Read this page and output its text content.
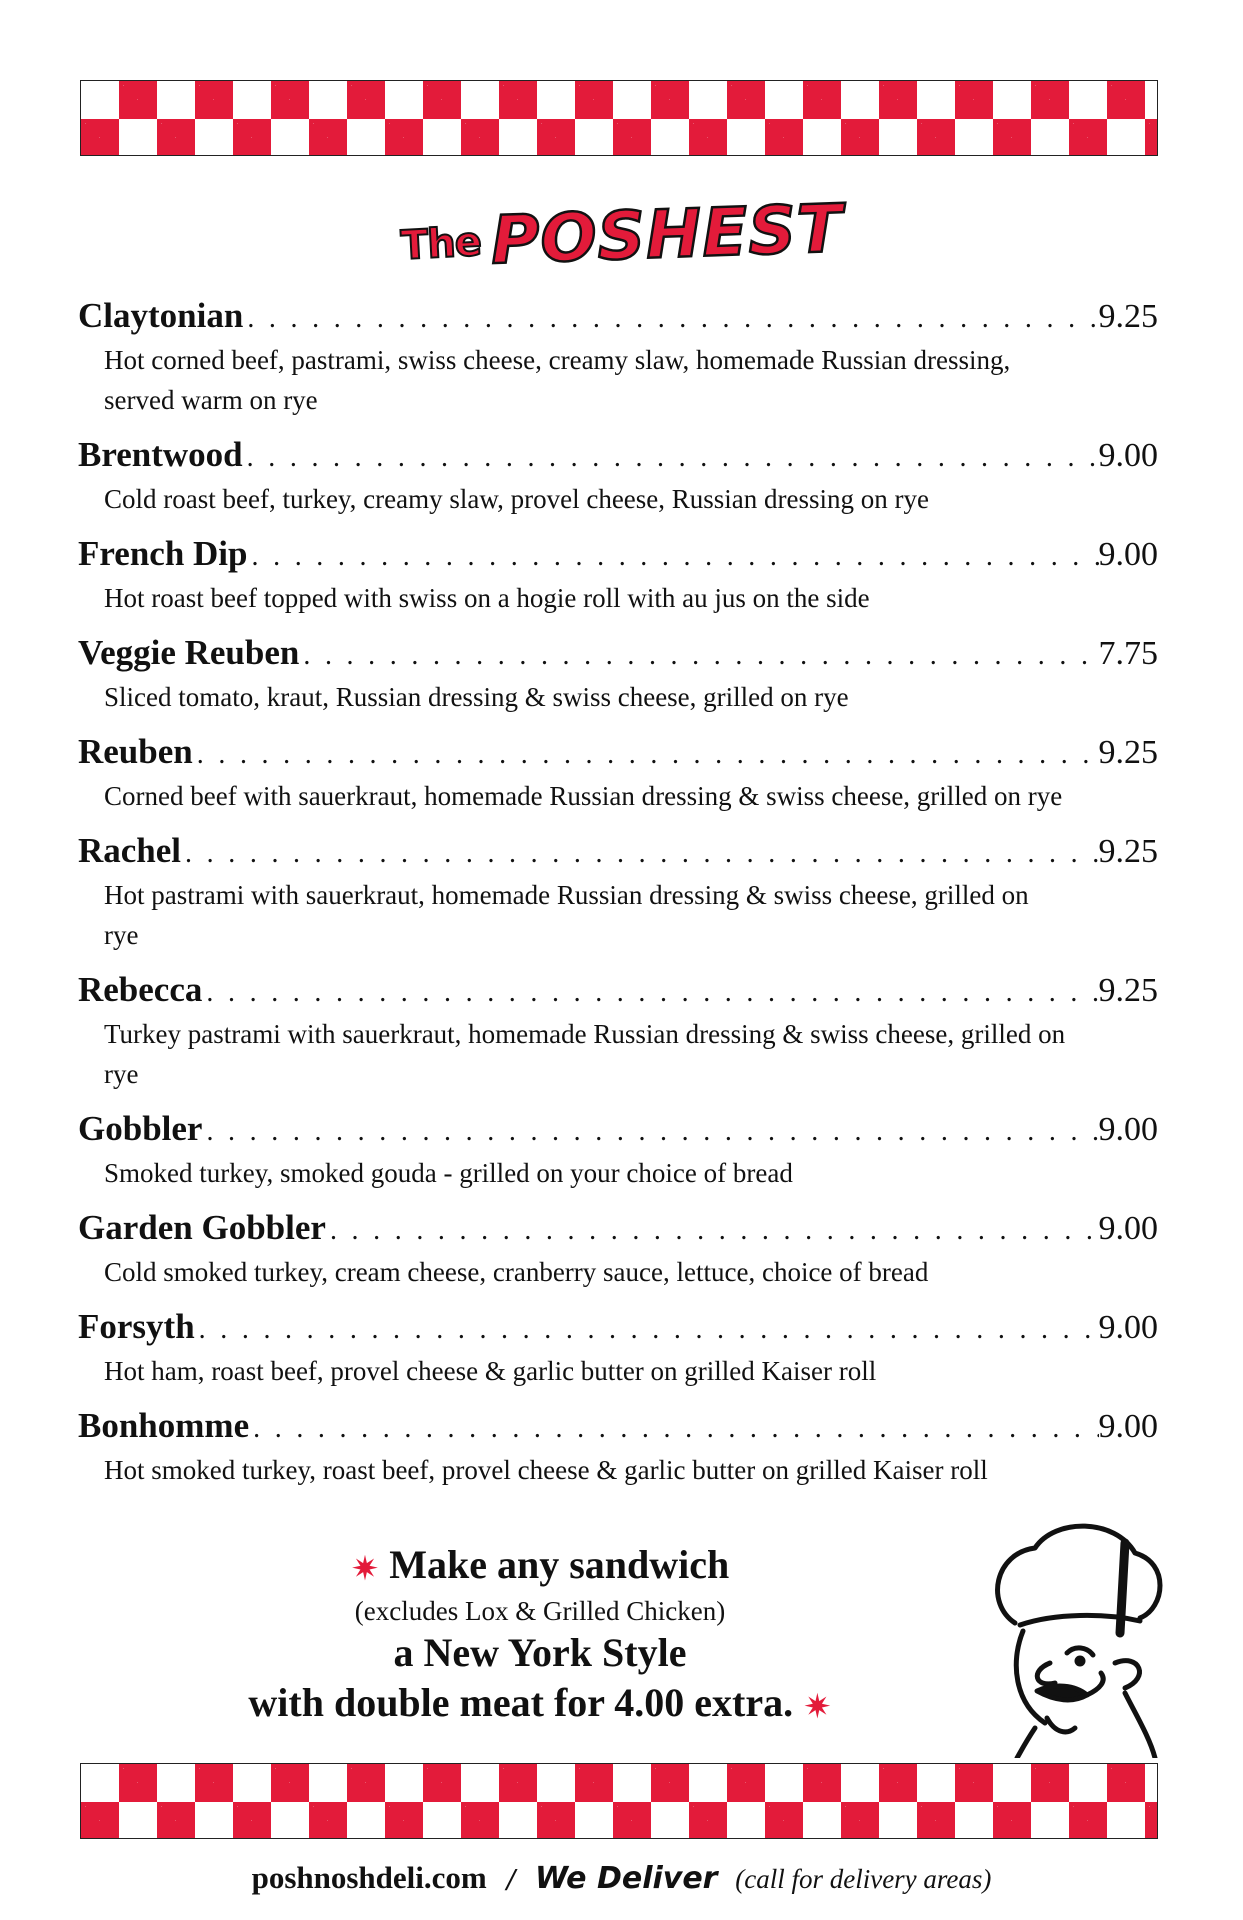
The POSHEST
Claytonian . . .	9.25
Hot corned beef, pastrami, swiss cheese, creamy slaw, homemade Russian dressing, served warm on rye
Brentwood . . .	9.00
Cold roast beef, turkey, creamy slaw, provel cheese, Russian dressing on rye
French Dip . . .	9.00
Hot roast beef topped with swiss on a hogie roll with au jus on the side
Veggie Reuben . . .	7.75
Sliced tomato, kraut, Russian dressing & swiss cheese, grilled on rye
Reuben . . .	9.25
Corned beef with sauerkraut, homemade Russian dressing & swiss cheese, grilled on rye
Rachel . . .	9.25
Hot pastrami with sauerkraut, homemade Russian dressing & swiss cheese, grilled on rye
Rebecca . . .	9.25
Turkey pastrami with sauerkraut, homemade Russian dressing & swiss cheese, grilled on rye
Gobbler . . .	9.00
Smoked turkey, smoked gouda - grilled on your choice of bread
Garden Gobbler . . .	9.00
Cold smoked turkey, cream cheese, cranberry sauce, lettuce, choice of bread
Forsyth . . .	9.00
Hot ham, roast beef, provel cheese & garlic butter on grilled Kaiser roll
Bonhomme . . .	9.00
Hot smoked turkey, roast beef, provel cheese & garlic butter on grilled Kaiser roll
✷ Make any sandwich
(excludes Lox & Grilled Chicken)
a New York Style
with double meat for 4.00 extra. ✷
poshnoshdeli.com / We Deliver (call for delivery areas)
